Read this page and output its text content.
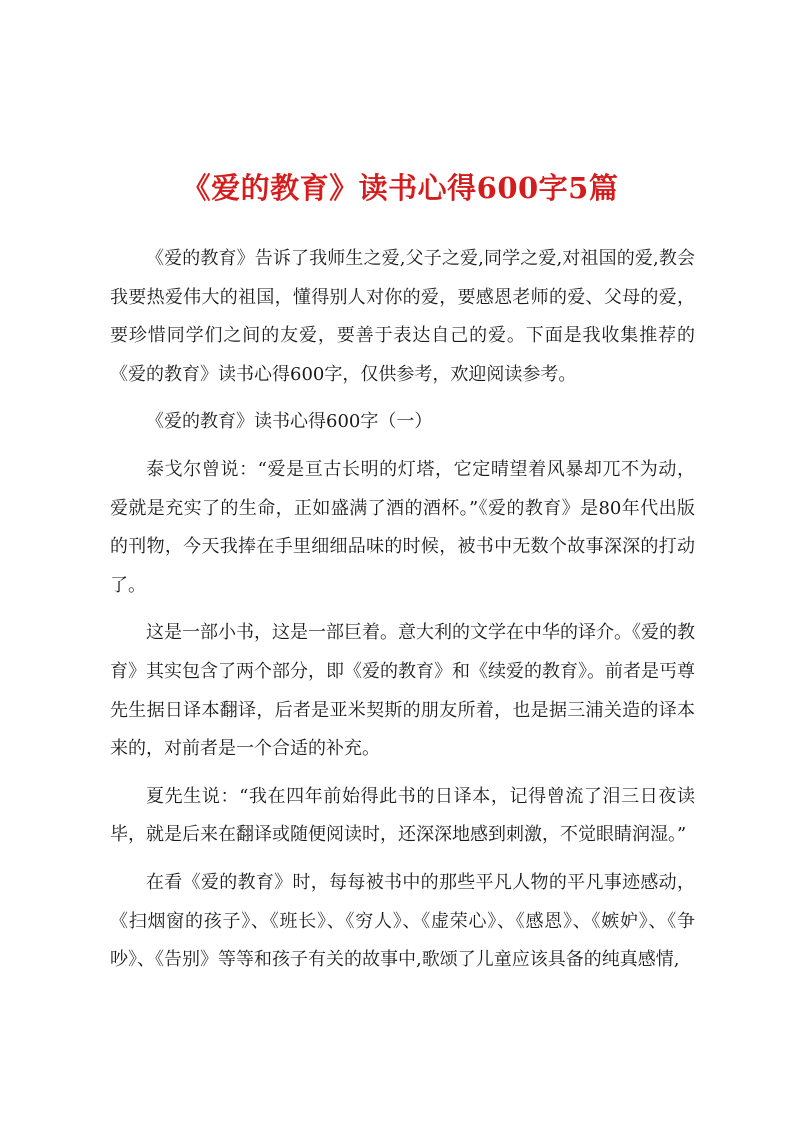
《爱的教育》读书心得600字5篇

《爱的教育》告诉了我师生之爱,父子之爱,同学之爱,对祖国的爱,教会我要热爱伟大的祖国，懂得别人对你的爱，要感恩老师的爱、父母的爱，要珍惜同学们之间的友爱，要善于表达自己的爱。下面是我收集推荐的《爱的教育》读书心得600字，仅供参考，欢迎阅读参考。

《爱的教育》读书心得600字（一）

泰戈尔曾说：“爱是亘古长明的灯塔，它定晴望着风暴却兀不为动，爱就是充实了的生命，正如盛满了酒的酒杯。”《爱的教育》是80年代出版的刊物，今天我捧在手里细细品味的时候，被书中无数个故事深深的打动了。

这是一部小书，这是一部巨着。意大利的文学在中华的译介。《爱的教育》其实包含了两个部分，即《爱的教育》和《续爱的教育》。前者是丐尊先生据日译本翻译，后者是亚米契斯的朋友所着，也是据三浦关造的译本来的，对前者是一个合适的补充。

夏先生说：“我在四年前始得此书的日译本，记得曾流了泪三日夜读毕，就是后来在翻译或随便阅读时，还深深地感到刺激，不觉眼睛润湿。”

在看《爱的教育》时，每每被书中的那些平凡人物的平凡事迹感动，《扫烟窗的孩子》、《班长》、《穷人》、《虚荣心》、《感恩》、《嫉妒》、《争吵》、《告别》等等和孩子有关的故事中,歌颂了儿童应该具备的纯真感情,
